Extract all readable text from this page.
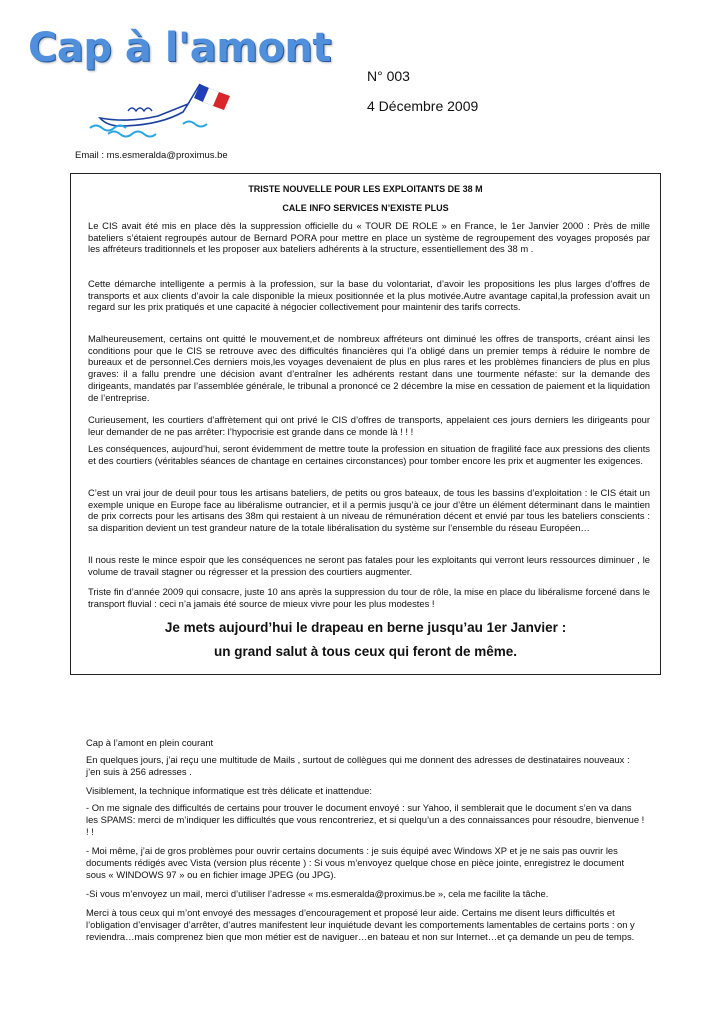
Cap à l'amont
N° 003
4 Décembre 2009
Email : ms.esmeralda@proximus.be
TRISTE NOUVELLE POUR LES EXPLOITANTS DE 38 M
CALE INFO SERVICES N’EXISTE PLUS

Le CIS avait été mis en place dès la suppression officielle du « TOUR DE ROLE » en France, le 1er Janvier 2000 : Près de mille bateliers s’étaient regroupés autour de Bernard PORA pour mettre en place un système de regroupement des voyages proposés par les affréteurs traditionnels et les proposer aux bateliers adhérents à la structure, essentiellement des 38 m .

Cette démarche intelligente a permis à la profession, sur la base du volontariat, d’avoir les propositions les plus larges d’offres de transports et aux clients d’avoir la cale disponible la mieux positionnée et la plus motivée.Autre avantage capital,la profession avait un regard sur les prix pratiqués et une capacité à négocier collectivement pour maintenir des tarifs corrects.

Malheureusement, certains ont quitté le mouvement,et de nombreux affréteurs ont diminué les offres de transports, créant ainsi les conditions pour que le CIS se retrouve avec des difficultés financières qui l’a obligé dans un premier temps à réduire le nombre de bureaux et de personnel.Ces derniers mois,les voyages devenaient de plus en plus rares et les problèmes financiers de plus en plus graves: il a fallu prendre une décision avant d’entraîner les adhérents restant dans une tourmente néfaste: sur la demande des dirigeants, mandatés par l’assemblée générale, le tribunal a prononcé ce 2 décembre la mise en cessation de paiement et la liquidation de l’entreprise.

Curieusement, les courtiers d’affrètement qui ont privé le CIS d’offres de transports, appelaient ces jours derniers les dirigeants pour leur demander de ne pas arrêter: l’hypocrisie est grande dans ce monde là ! ! !

Les conséquences, aujourd’hui, seront évidemment de mettre toute la profession en situation de fragilité face aux pressions des clients et des courtiers (véritables séances de chantage en certaines circonstances) pour tomber encore les prix et augmenter les exigences.

C’est un vrai jour de deuil pour tous les artisans bateliers, de petits ou gros bateaux, de tous les bassins d’exploitation : le CIS était un exemple unique en Europe face au libéralisme outrancier, et il a permis jusqu’à ce jour d’être un élément déterminant dans le maintien de prix corrects pour les artisans des 38m qui restaient à un niveau de rémunération décent et envié par tous les bateliers conscients : sa disparition devient un test grandeur nature de la totale libéralisation du système sur l’ensemble du réseau Européen…

Il nous reste le mince espoir que les conséquences ne seront pas fatales pour les exploitants qui verront leurs ressources diminuer , le volume de travail stagner ou régresser et la pression des courtiers augmenter.

Triste fin d’année 2009 qui consacre, juste 10 ans après la suppression du tour de rôle, la mise en place du libéralisme forcené dans le transport fluvial : ceci n’a jamais été source de mieux vivre pour les plus modestes !

Je mets aujourd’hui le drapeau en berne jusqu’au 1er Janvier :
un grand salut à tous ceux qui feront de même.

Cap à l’amont en plein courant

En quelques jours, j’ai reçu une multitude de Mails , surtout de collègues qui me donnent des adresses de destinataires nouveaux : j’en suis à 256 adresses .

Visiblement, la technique informatique est très délicate et inattendue:

- On me signale des difficultés de certains pour trouver le document envoyé : sur Yahoo, il semblerait que le document s’en va dans les SPAMS: merci de m’indiquer les difficultés que vous rencontreriez, et si quelqu’un a des connaissances pour résoudre, bienvenue ! ! !

- Moi même, j’ai de gros problèmes pour ouvrir certains documents : je suis équipé avec Windows XP et je ne sais pas ouvrir les documents rédigés avec Vista (version plus récente ) : Si vous m’envoyez quelque chose en pièce jointe, enregistrez le document sous « WINDOWS 97 » ou en fichier image JPEG (ou JPG).

-Si vous m’envoyez un mail, merci d’utiliser l’adresse « ms.esmeralda@proximus.be », cela me facilite la tâche.

Merci à tous ceux qui m’ont envoyé des messages d’encouragement et proposé leur aide. Certains me disent leurs difficultés et l’obligation d’envisager d’arrêter, d’autres manifestent leur inquiétude devant les comportements lamentables de certains ports : on y reviendra…mais comprenez bien que mon métier est de naviguer…en bateau et non sur Internet…et ça demande un peu de temps.
